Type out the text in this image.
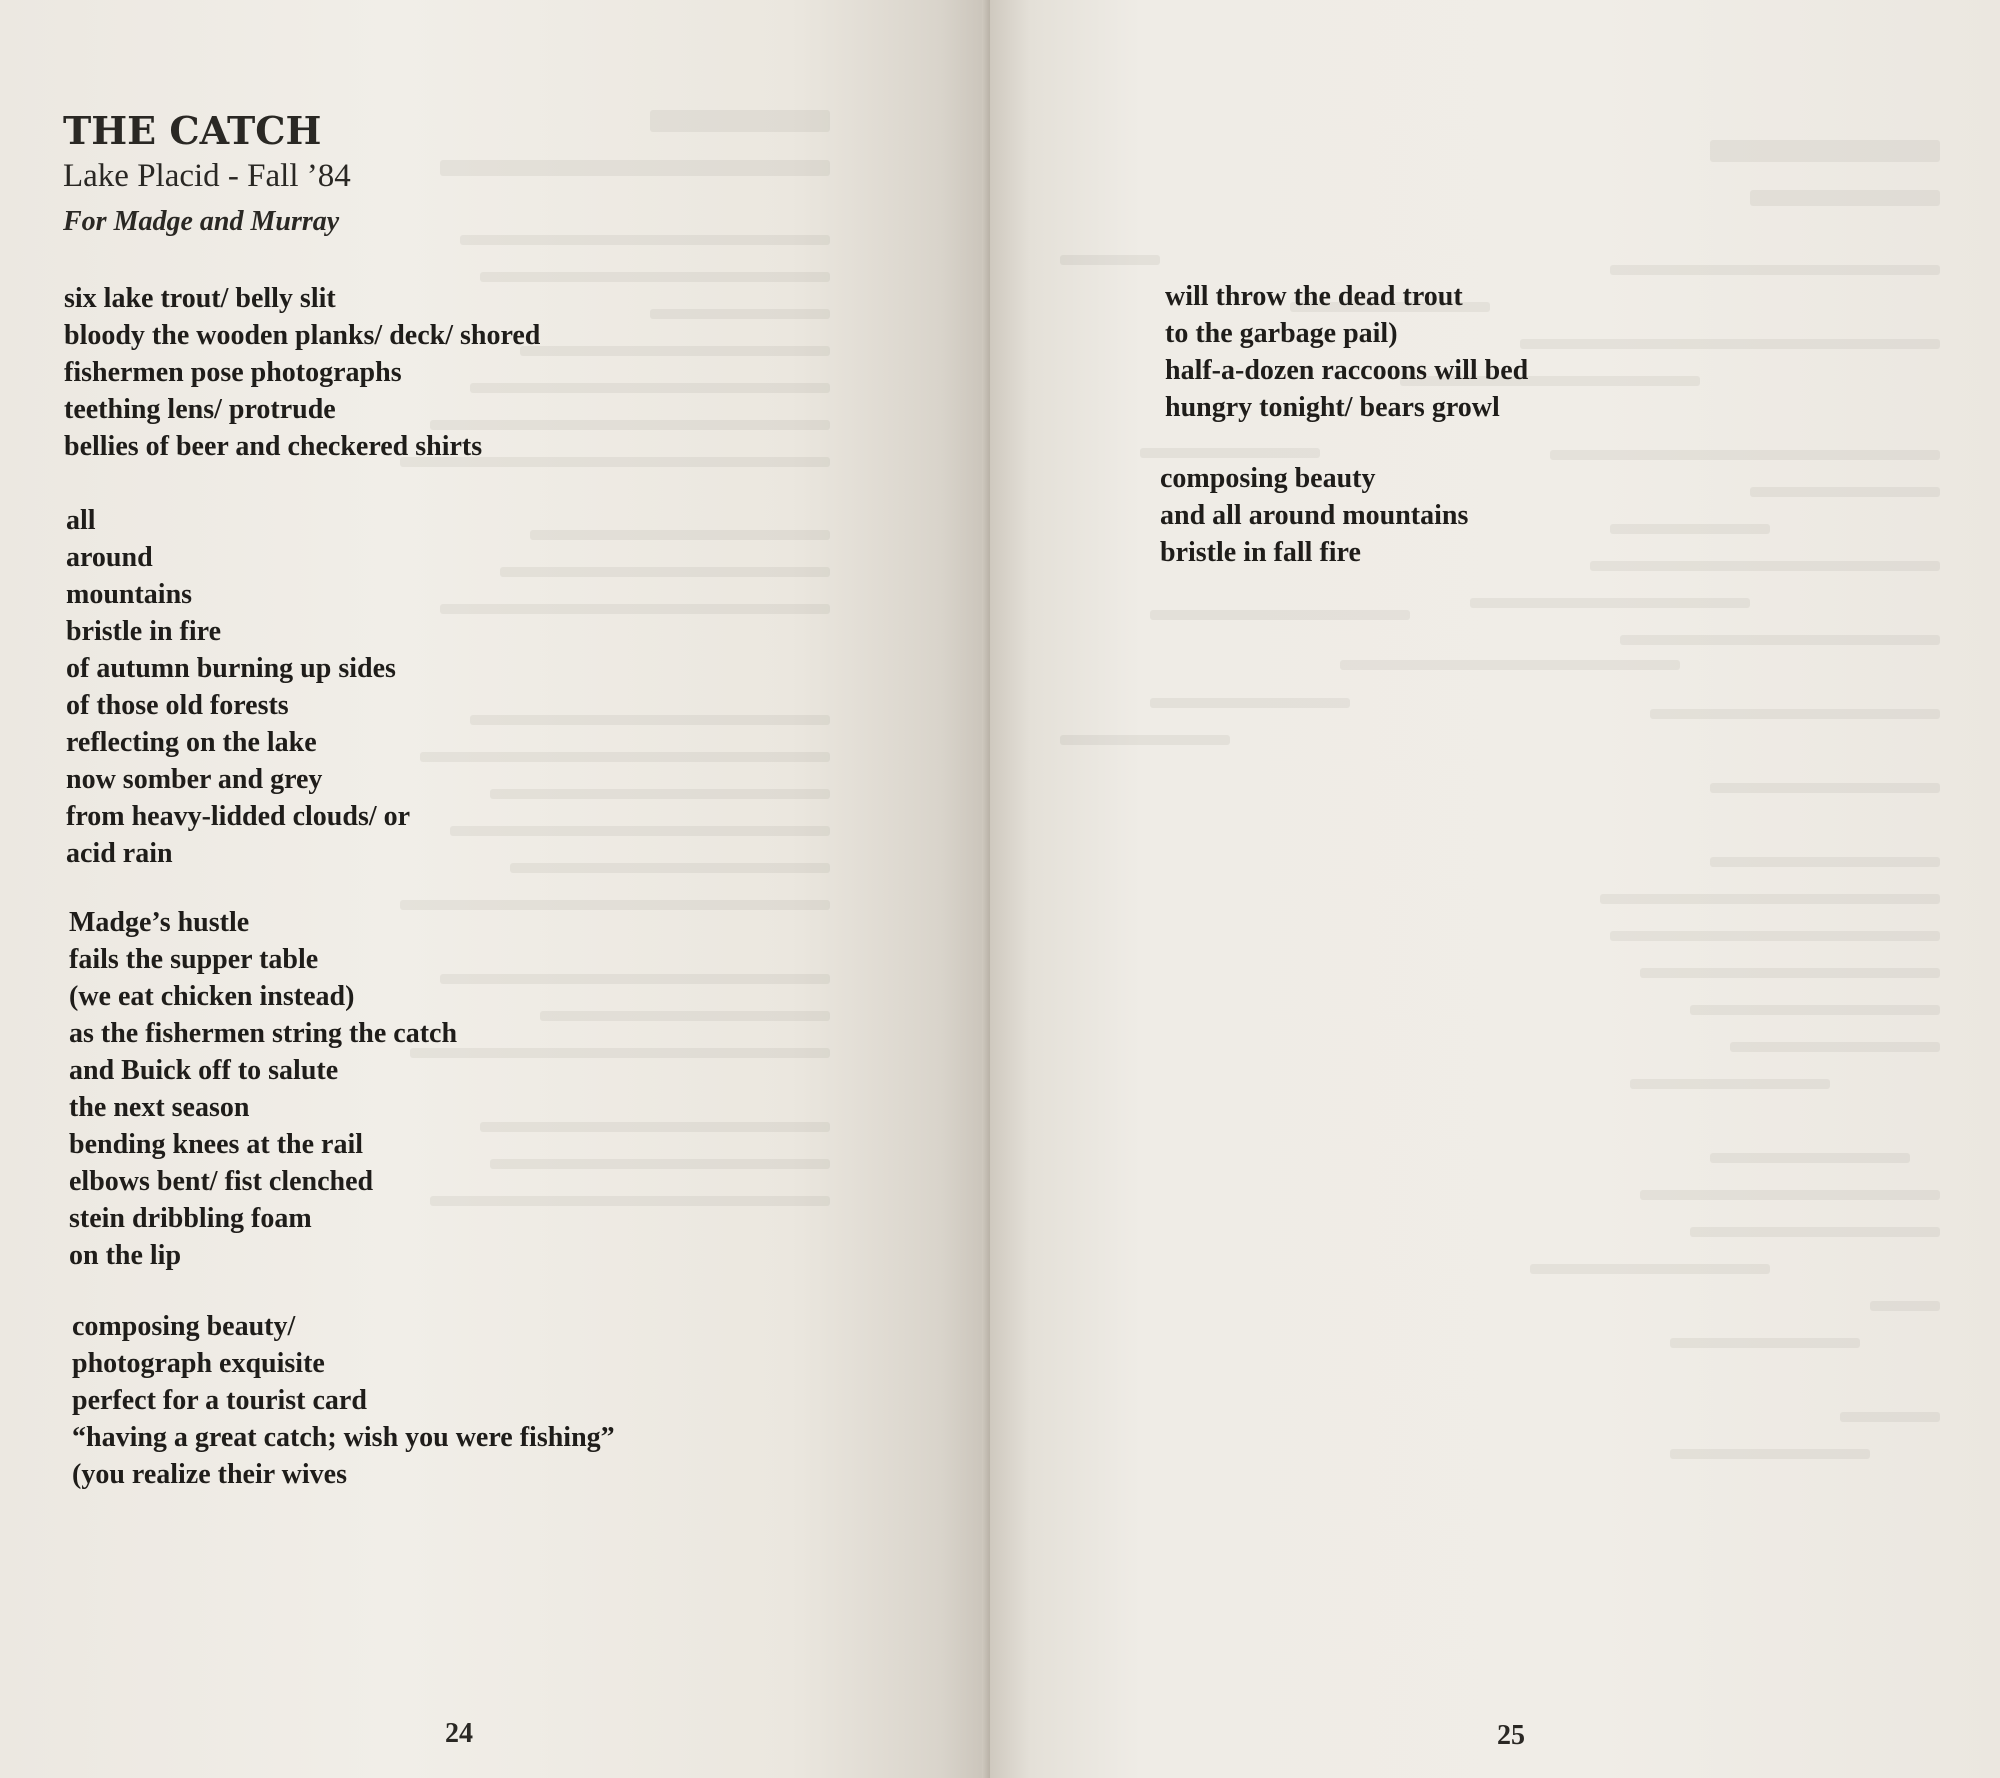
THE CATCH
Lake Placid - Fall ’84
For Madge and Murray
six lake trout/ belly slit
bloody the wooden planks/ deck/ shored
fishermen pose photographs
teething lens/ protrude
bellies of beer and checkered shirts
all
around
mountains
bristle in fire
of autumn burning up sides
of those old forests
reflecting on the lake
now somber and grey
from heavy-lidded clouds/ or
acid rain
Madge’s hustle
fails the supper table
(we eat chicken instead)
as the fishermen string the catch
and Buick off to salute
the next season
bending knees at the rail
elbows bent/ fist clenched
stein dribbling foam
on the lip
composing beauty/
photograph exquisite
perfect for a tourist card
“having a great catch; wish you were fishing”
(you realize their wives
24
will throw the dead trout
to the garbage pail)
half-a-dozen raccoons will bed
hungry tonight/ bears growl
composing beauty
and all around mountains
bristle in fall fire
25
